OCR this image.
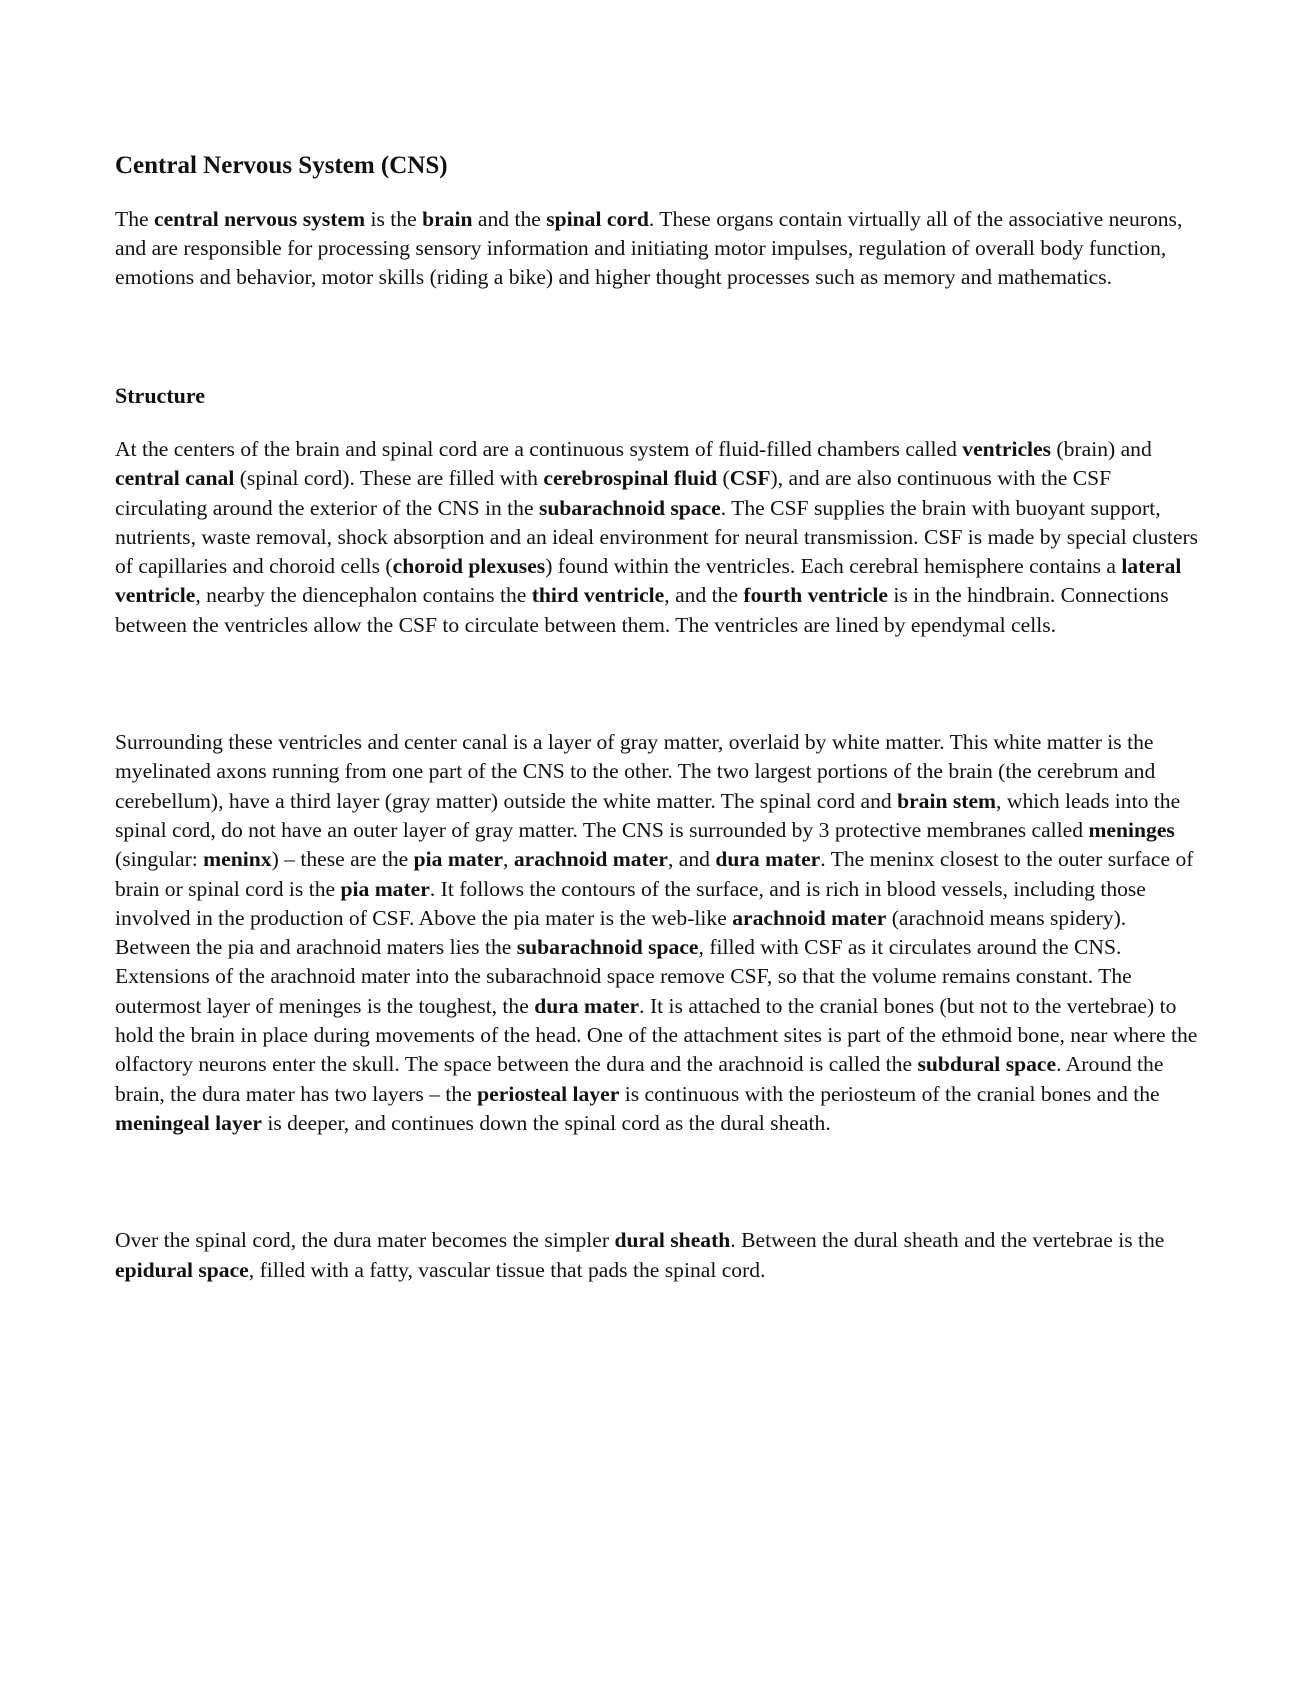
Central Nervous System (CNS)

The central nervous system is the brain and the spinal cord. These organs contain virtually all of the associative neurons, and are responsible for processing sensory information and initiating motor impulses, regulation of overall body function, emotions and behavior, motor skills (riding a bike) and higher thought processes such as memory and mathematics.

Structure

At the centers of the brain and spinal cord are a continuous system of fluid-filled chambers called ventricles (brain) and central canal (spinal cord). These are filled with cerebrospinal fluid (CSF), and are also continuous with the CSF circulating around the exterior of the CNS in the subarachnoid space. The CSF supplies the brain with buoyant support, nutrients, waste removal, shock absorption and an ideal environment for neural transmission. CSF is made by special clusters of capillaries and choroid cells (choroid plexuses) found within the ventricles. Each cerebral hemisphere contains a lateral ventricle, nearby the diencephalon contains the third ventricle, and the fourth ventricle is in the hindbrain. Connections between the ventricles allow the CSF to circulate between them. The ventricles are lined by ependymal cells.

Surrounding these ventricles and center canal is a layer of gray matter, overlaid by white matter. This white matter is the myelinated axons running from one part of the CNS to the other. The two largest portions of the brain (the cerebrum and cerebellum), have a third layer (gray matter) outside the white matter. The spinal cord and brain stem, which leads into the spinal cord, do not have an outer layer of gray matter. The CNS is surrounded by 3 protective membranes called meninges (singular: meninx) – these are the pia mater, arachnoid mater, and dura mater. The meninx closest to the outer surface of brain or spinal cord is the pia mater. It follows the contours of the surface, and is rich in blood vessels, including those involved in the production of CSF. Above the pia mater is the web-like arachnoid mater (arachnoid means spidery). Between the pia and arachnoid maters lies the subarachnoid space, filled with CSF as it circulates around the CNS. Extensions of the arachnoid mater into the subarachnoid space remove CSF, so that the volume remains constant. The outermost layer of meninges is the toughest, the dura mater. It is attached to the cranial bones (but not to the vertebrae) to hold the brain in place during movements of the head. One of the attachment sites is part of the ethmoid bone, near where the olfactory neurons enter the skull. The space between the dura and the arachnoid is called the subdural space. Around the brain, the dura mater has two layers – the periosteal layer is continuous with the periosteum of the cranial bones and the meningeal layer is deeper, and continues down the spinal cord as the dural sheath.

Over the spinal cord, the dura mater becomes the simpler dural sheath. Between the dural sheath and the vertebrae is the epidural space, filled with a fatty, vascular tissue that pads the spinal cord.
